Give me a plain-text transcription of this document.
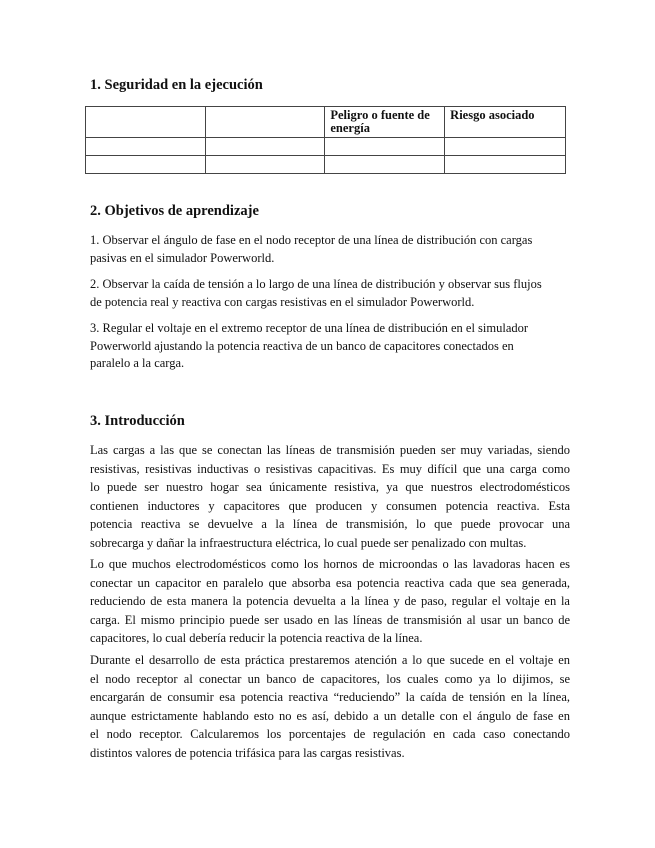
1. Seguridad en la ejecución
		Peligro o fuente de energía	Riesgo asociado

2. Objetivos de aprendizaje
1. Observar el ángulo de fase en el nodo receptor de una línea de distribución con cargas
pasivas en el simulador Powerworld.
2. Observar la caída de tensión a lo largo de una línea de distribución y observar sus flujos
de potencia real y reactiva con cargas resistivas en el simulador Powerworld.
3. Regular el voltaje en el extremo receptor de una línea de distribución en el simulador
Powerworld ajustando la potencia reactiva de un banco de capacitores conectados en
paralelo a la carga.
3. Introducción
Las cargas a las que se conectan las líneas de transmisión pueden ser muy variadas, siendo
resistivas, resistivas inductivas o resistivas capacitivas. Es muy difícil que una carga como
lo puede ser nuestro hogar sea únicamente resistiva, ya que nuestros electrodomésticos
contienen inductores y capacitores que producen y consumen potencia reactiva. Esta
potencia reactiva se devuelve a la línea de transmisión, lo que puede provocar una
sobrecarga y dañar la infraestructura eléctrica, lo cual puede ser penalizado con multas.
Lo que muchos electrodomésticos como los hornos de microondas o las lavadoras hacen es
conectar un capacitor en paralelo que absorba esa potencia reactiva cada que sea generada,
reduciendo de esta manera la potencia devuelta a la línea y de paso, regular el voltaje en la
carga. El mismo principio puede ser usado en las líneas de transmisión al usar un banco de
capacitores, lo cual debería reducir la potencia reactiva de la línea.
Durante el desarrollo de esta práctica prestaremos atención a lo que sucede en el voltaje en
el nodo receptor al conectar un banco de capacitores, los cuales como ya lo dijimos, se
encargarán de consumir esa potencia reactiva “reduciendo” la caída de tensión en la línea,
aunque estrictamente hablando esto no es así, debido a un detalle con el ángulo de fase en
el nodo receptor. Calcularemos los porcentajes de regulación en cada caso conectando
distintos valores de potencia trifásica para las cargas resistivas.
